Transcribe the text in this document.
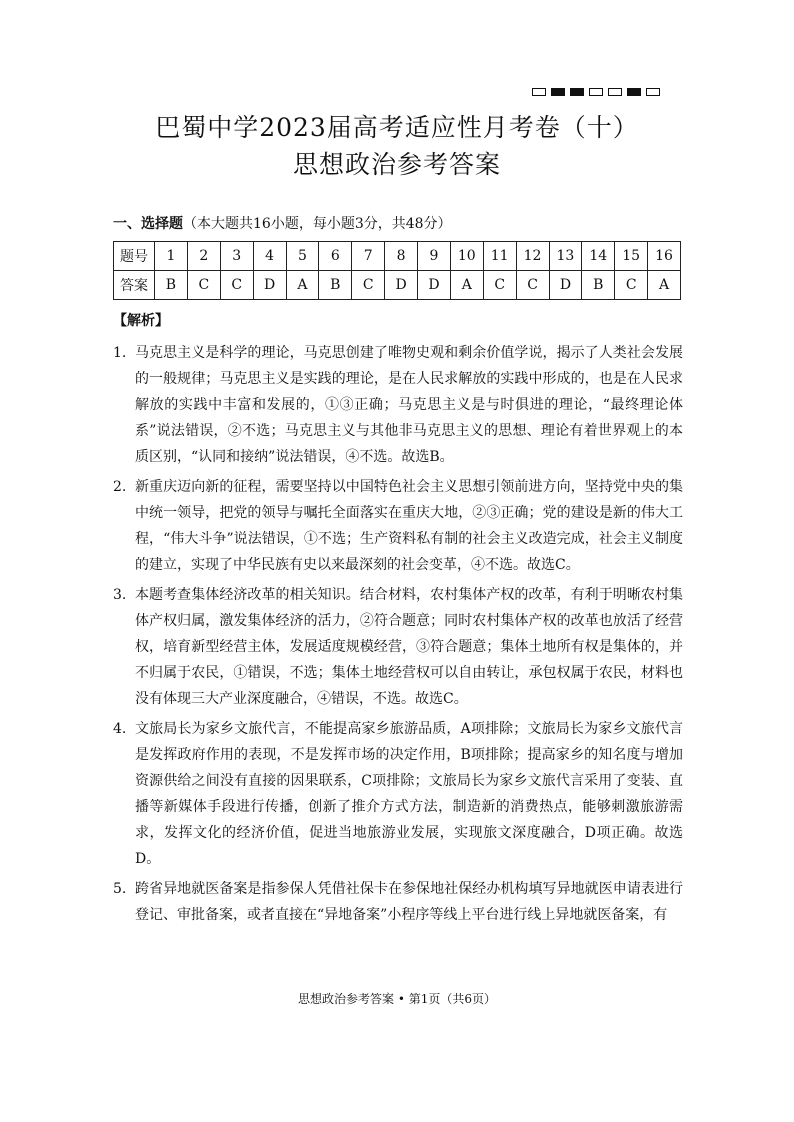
巴蜀中学2023届高考适应性月考卷（十）
思想政治参考答案
一、选择题（本大题共16小题，每小题3分，共48分）
题号	1	2	3	4	5	6	7	8	9	10	11	12	13	14	15	16
答案	B	C	C	D	A	B	C	D	D	A	C	C	D	B	C	A
【解析】
1. 马克思主义是科学的理论，马克思创建了唯物史观和剩余价值学说，揭示了人类社会发展的一般规律；马克思主义是实践的理论，是在人民求解放的实践中形成的，也是在人民求解放的实践中丰富和发展的，①③正确；马克思主义是与时俱进的理论，“最终理论体系”说法错误，②不选；马克思主义与其他非马克思主义的思想、理论有着世界观上的本质区别，“认同和接纳”说法错误，④不选。故选B。
2. 新重庆迈向新的征程，需要坚持以中国特色社会主义思想引领前进方向，坚持党中央的集中统一领导，把党的领导与嘱托全面落实在重庆大地，②③正确；党的建设是新的伟大工程，“伟大斗争”说法错误，①不选；生产资料私有制的社会主义改造完成，社会主义制度的建立，实现了中华民族有史以来最深刻的社会变革，④不选。故选C。
3. 本题考查集体经济改革的相关知识。结合材料，农村集体产权的改革，有利于明晰农村集体产权归属，激发集体经济的活力，②符合题意；同时农村集体产权的改革也放活了经营权，培育新型经营主体，发展适度规模经营，③符合题意；集体土地所有权是集体的，并不归属于农民，①错误，不选；集体土地经营权可以自由转让，承包权属于农民，材料也没有体现三大产业深度融合，④错误，不选。故选C。
4. 文旅局长为家乡文旅代言，不能提高家乡旅游品质，A项排除；文旅局长为家乡文旅代言是发挥政府作用的表现，不是发挥市场的决定作用，B项排除；提高家乡的知名度与增加资源供给之间没有直接的因果联系，C项排除；文旅局长为家乡文旅代言采用了变装、直播等新媒体手段进行传播，创新了推介方式方法，制造新的消费热点，能够刺激旅游需求，发挥文化的经济价值，促进当地旅游业发展，实现旅文深度融合，D项正确。故选D。
5. 跨省异地就医备案是指参保人凭借社保卡在参保地社保经办机构填写异地就医申请表进行登记、审批备案，或者直接在“异地备案”小程序等线上平台进行线上异地就医备案，有
思想政治参考答案 • 第1页（共6页）
